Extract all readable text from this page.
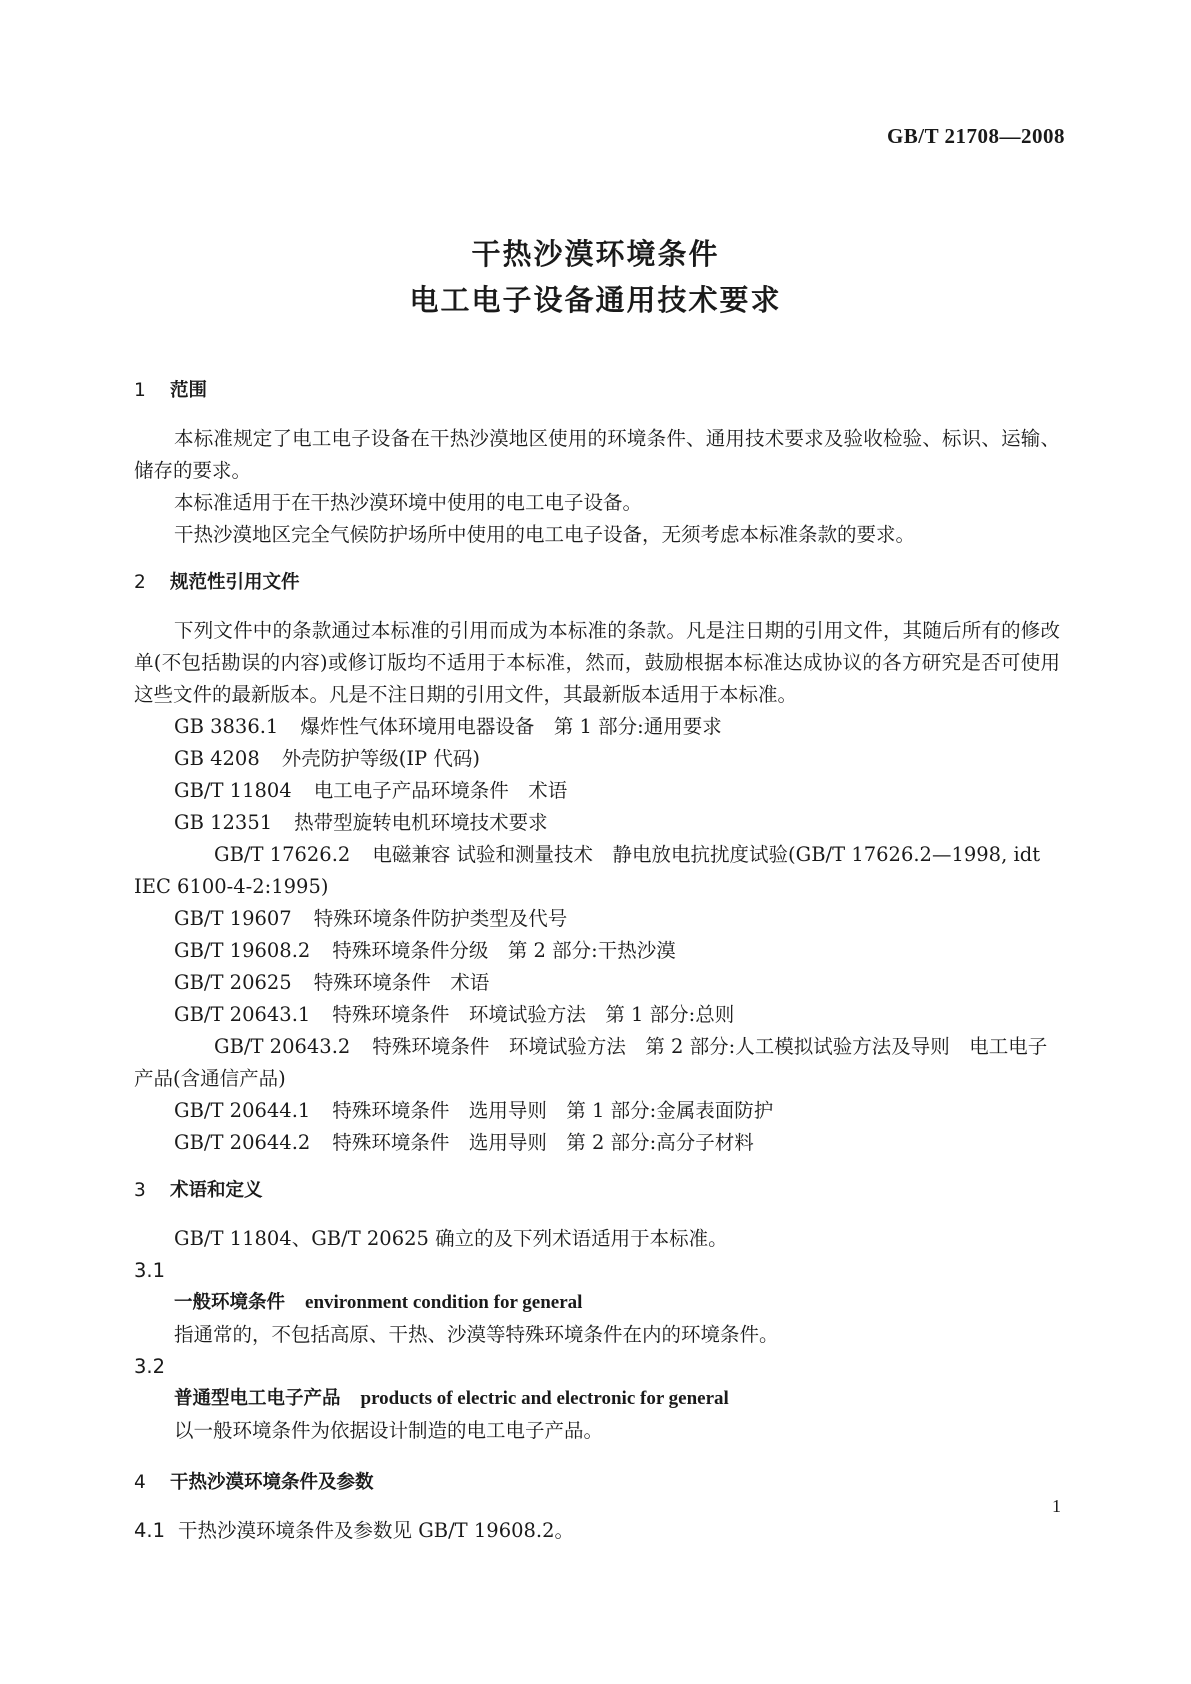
GB/T 21708—2008
干热沙漠环境条件
电工电子设备通用技术要求
1 范围

本标准规定了电工电子设备在干热沙漠地区使用的环境条件、通用技术要求及验收检验、标识、运输、储存的要求。

本标准适用于在干热沙漠环境中使用的电工电子设备。

干热沙漠地区完全气候防护场所中使用的电工电子设备，无须考虑本标准条款的要求。

2 规范性引用文件

下列文件中的条款通过本标准的引用而成为本标准的条款。凡是注日期的引用文件，其随后所有的修改单(不包括勘误的内容)或修订版均不适用于本标准，然而，鼓励根据本标准达成协议的各方研究是否可使用这些文件的最新版本。凡是不注日期的引用文件，其最新版本适用于本标准。

GB 3836.1 爆炸性气体环境用电器设备　第 1 部分:通用要求

GB 4208 外壳防护等级(IP 代码)

GB/T 11804 电工电子产品环境条件　术语

GB 12351 热带型旋转电机环境技术要求

GB/T 17626.2 电磁兼容 试验和测量技术　静电放电抗扰度试验(GB/T 17626.2—1998, idt IEC 6100-4-2:1995)

GB/T 19607 特殊环境条件防护类型及代号

GB/T 19608.2 特殊环境条件分级　第 2 部分:干热沙漠

GB/T 20625 特殊环境条件　术语

GB/T 20643.1 特殊环境条件　环境试验方法　第 1 部分:总则

GB/T 20643.2 特殊环境条件　环境试验方法　第 2 部分:人工模拟试验方法及导则　电工电子产品(含通信产品)

GB/T 20644.1 特殊环境条件　选用导则　第 1 部分:金属表面防护

GB/T 20644.2 特殊环境条件　选用导则　第 2 部分:高分子材料

3 术语和定义

GB/T 11804、GB/T 20625 确立的及下列术语适用于本标准。

3.1

一般环境条件 environment condition for general

指通常的，不包括高原、干热、沙漠等特殊环境条件在内的环境条件。

3.2

普通型电工电子产品 products of electric and electronic for general

以一般环境条件为依据设计制造的电工电子产品。

4 干热沙漠环境条件及参数

4.1 干热沙漠环境条件及参数见 GB/T 19608.2。

1
